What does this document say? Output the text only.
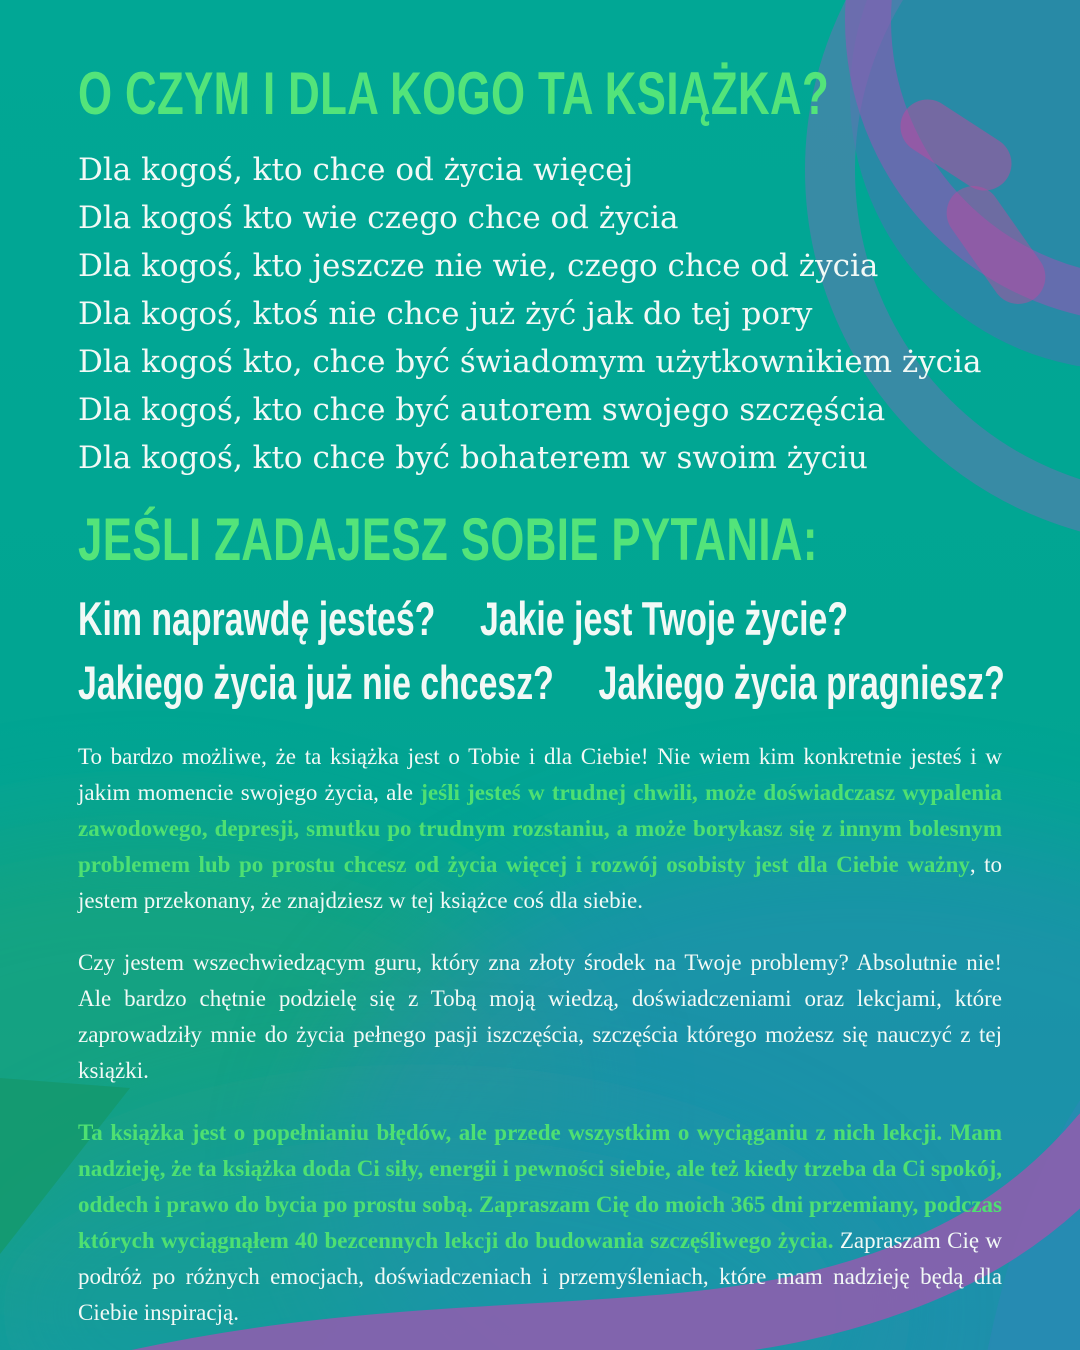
O CZYM I DLA KOGO TA KSIĄŻKA?
Dla kogoś, kto chce od życia więcej
Dla kogoś kto wie czego chce od życia
Dla kogoś, kto jeszcze nie wie, czego chce od życia
Dla kogoś, ktoś nie chce już żyć jak do tej pory
Dla kogoś kto, chce być świadomym użytkownikiem życia
Dla kogoś, kto chce być autorem swojego szczęścia
Dla kogoś, kto chce być bohaterem w swoim życiu
JEŚLI ZADAJESZ SOBIE PYTANIA:
Kim naprawdę jesteś? Jakie jest Twoje życie?
Jakiego życia już nie chcesz? Jakiego życia pragniesz?

To bardzo możliwe, że ta książka jest o Tobie i dla Ciebie! Nie wiem kim konkretnie jesteś i w jakim momencie swojego życia, ale jeśli jesteś w trudnej chwili, może doświadczasz wypalenia zawodowego, depresji, smutku po trudnym rozstaniu, a może borykasz się z innym bolesnym problemem lub po prostu chcesz od życia więcej i rozwój osobisty jest dla Ciebie ważny, to jestem przekonany, że znajdziesz w tej książce coś dla siebie.

Czy jestem wszechwiedzącym guru, który zna złoty środek na Twoje problemy? Absolutnie nie! Ale bardzo chętnie podzielę się z Tobą moją wiedzą, doświadczeniami oraz lekcjami, które zaprowadziły mnie do życia pełnego pasji iszczęścia, szczęścia którego możesz się nauczyć z tej książki.

Ta książka jest o popełnianiu błędów, ale przede wszystkim o wyciąganiu z nich lekcji. Mam nadzieję, że ta książka doda Ci siły, energii i pewności siebie, ale też kiedy trzeba da Ci spokój, oddech i prawo do bycia po prostu sobą. Zapraszam Cię do moich 365 dni przemiany, podczas których wyciągnąłem 40 bezcennych lekcji do budowania szczęśliwego życia. Zapraszam Cię w podróż po różnych emocjach, doświadczeniach i przemyśleniach, które mam nadzieję będą dla Ciebie inspiracją.
